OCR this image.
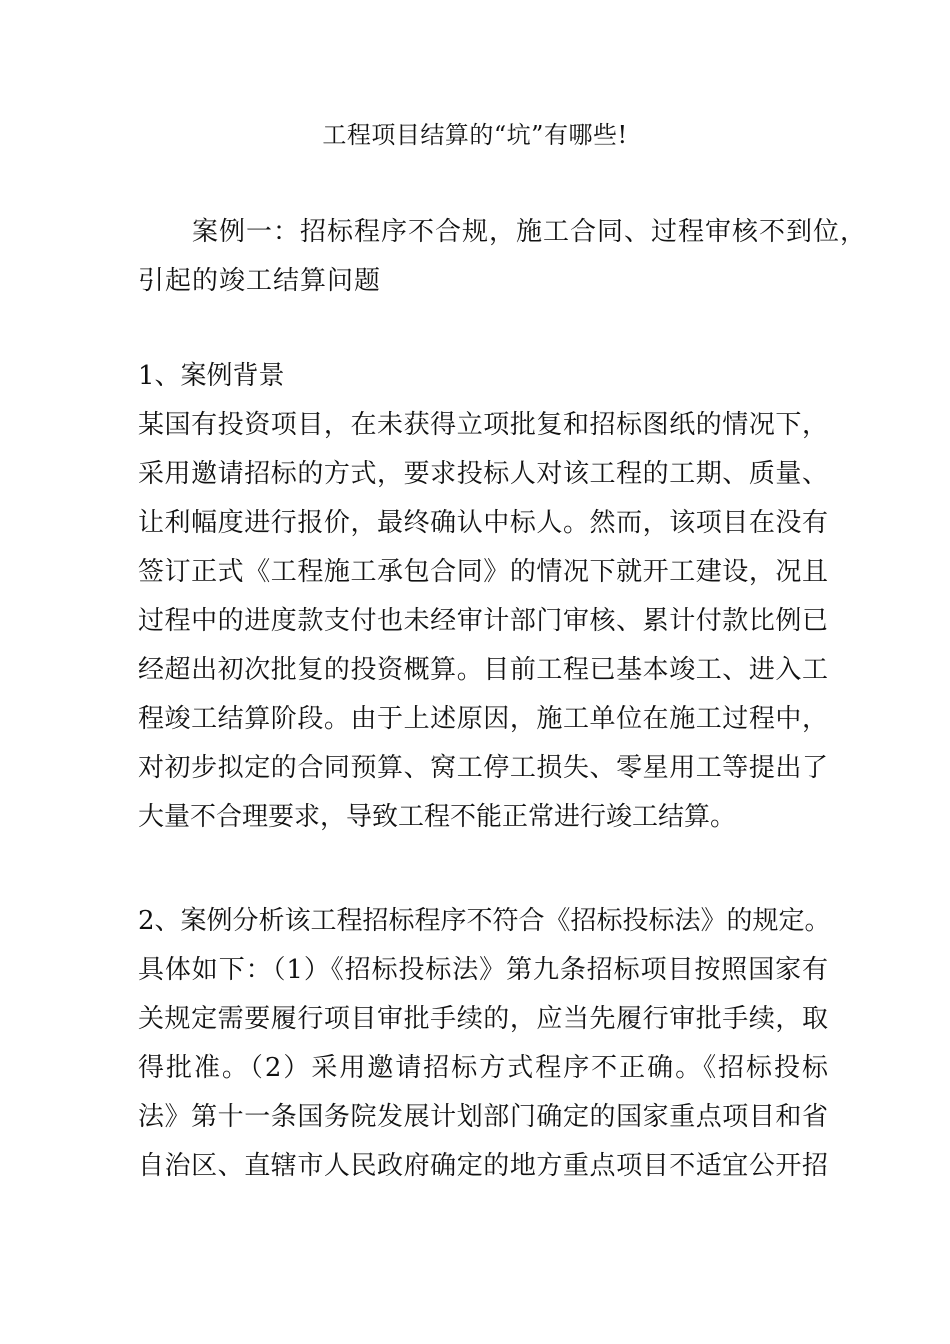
工程项目结算的“坑”有哪些!
案例一：招标程序不合规，施工合同、过程审核不到位，
引起的竣工结算问题
1、案例背景
某国有投资项目，在未获得立项批复和招标图纸的情况下，
采用邀请招标的方式，要求投标人对该工程的工期、质量、
让利幅度进行报价，最终确认中标人。然而，该项目在没有
签订正式《工程施工承包合同》的情况下就开工建设，况且
过程中的进度款支付也未经审计部门审核、累计付款比例已
经超出初次批复的投资概算。目前工程已基本竣工、进入工
程竣工结算阶段。由于上述原因，施工单位在施工过程中，
对初步拟定的合同预算、窝工停工损失、零星用工等提出了
大量不合理要求，导致工程不能正常进行竣工结算。
2、案例分析该工程招标程序不符合《招标投标法》的规定。
具体如下：（1）《招标投标法》第九条招标项目按照国家有
关规定需要履行项目审批手续的，应当先履行审批手续，取
得批准。（2）采用邀请招标方式程序不正确。《招标投标
法》第十一条国务院发展计划部门确定的国家重点项目和省
自治区、直辖市人民政府确定的地方重点项目不适宜公开招
